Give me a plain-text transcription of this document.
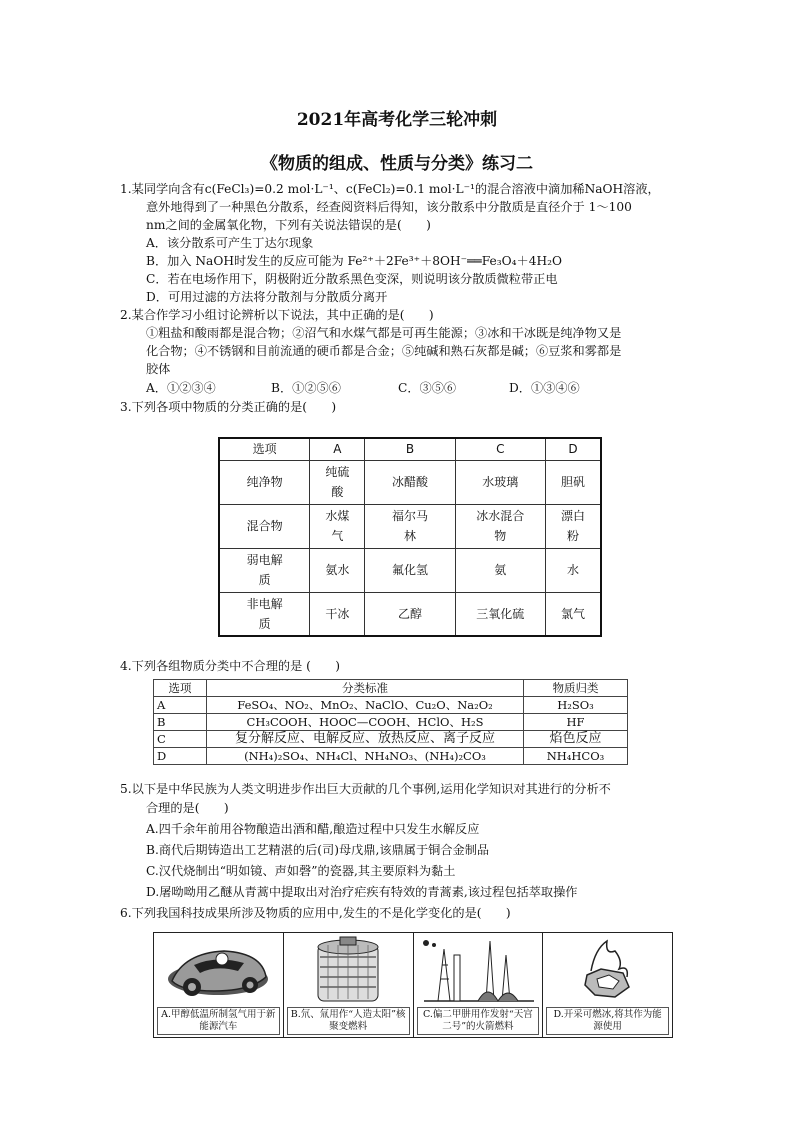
2021年高考化学三轮冲刺
《物质的组成、性质与分类》练习二
1.某同学向含有c(FeCl₃)=0.2 mol·L⁻¹、c(FeCl₂)=0.1 mol·L⁻¹的混合溶液中滴加稀NaOH溶液，
意外地得到了一种黑色分散系，经查阅资料后得知，该分散系中分散质是直径介于 1～100
nm之间的金属氧化物，下列有关说法错误的是(　　)
A．该分散系可产生丁达尔现象
B．加入 NaOH时发生的反应可能为 Fe²⁺＋2Fe³⁺＋8OH⁻══Fe₃O₄＋4H₂O
C．若在电场作用下，阴极附近分散系黑色变深，则说明该分散质微粒带正电
D．可用过滤的方法将分散剂与分散质分离开
2.某合作学习小组讨论辨析以下说法，其中正确的是(　　)
①粗盐和酸雨都是混合物；②沼气和水煤气都是可再生能源；③冰和干冰既是纯净物又是
化合物；④不锈钢和目前流通的硬币都是合金；⑤纯碱和熟石灰都是碱；⑥豆浆和雾都是
胶体
A．①②③④	B．①②⑤⑥	C．③⑤⑥	D．①③④⑥
3.下列各项中物质的分类正确的是(　　)
选项	A	B	C	D
纯净物	纯硫酸	冰醋酸	水玻璃	胆矾
混合物	水煤气	福尔马林	冰水混合物	漂白粉

弱电解质	氨水	氟化氢	氨	水

非电解质	干冰	乙醇	三氧化硫	氯气
4.下列各组物质分类中不合理的是 (　　)
选项	分类标准	物质归类
A	FeSO₄、NO₂、MnO₂、NaClO、Cu₂O、Na₂O₂	H₂SO₃
B	CH₃COOH、HOOC—COOH、HClO、H₂S	HF
C	复分解反应、电解反应、放热反应、离子反应	焰色反应
D	(NH₄)₂SO₄、NH₄Cl、NH₄NO₃、(NH₄)₂CO₃	NH₄HCO₃
5.以下是中华民族为人类文明进步作出巨大贡献的几个事例,运用化学知识对其进行的分析不
合理的是(　　)
A.四千余年前用谷物酿造出酒和醋,酿造过程中只发生水解反应
B.商代后期铸造出工艺精湛的后(司)母戊鼎,该鼎属于铜合金制品
C.汉代烧制出“明如镜、声如磬”的瓷器,其主要原料为黏土
D.屠呦呦用乙醚从青蒿中提取出对治疗疟疾有特效的青蒿素,该过程包括萃取操作
6.下列我国科技成果所涉及物质的应用中,发生的不是化学变化的是(　　)
A.甲醇低温所制氢气用于新能源汽车
B.氘、氚用作“人造太阳”核聚变燃料
C.偏二甲肼用作发射“天宫二号”的火箭燃料
D.开采可燃冰,将其作为能源使用
